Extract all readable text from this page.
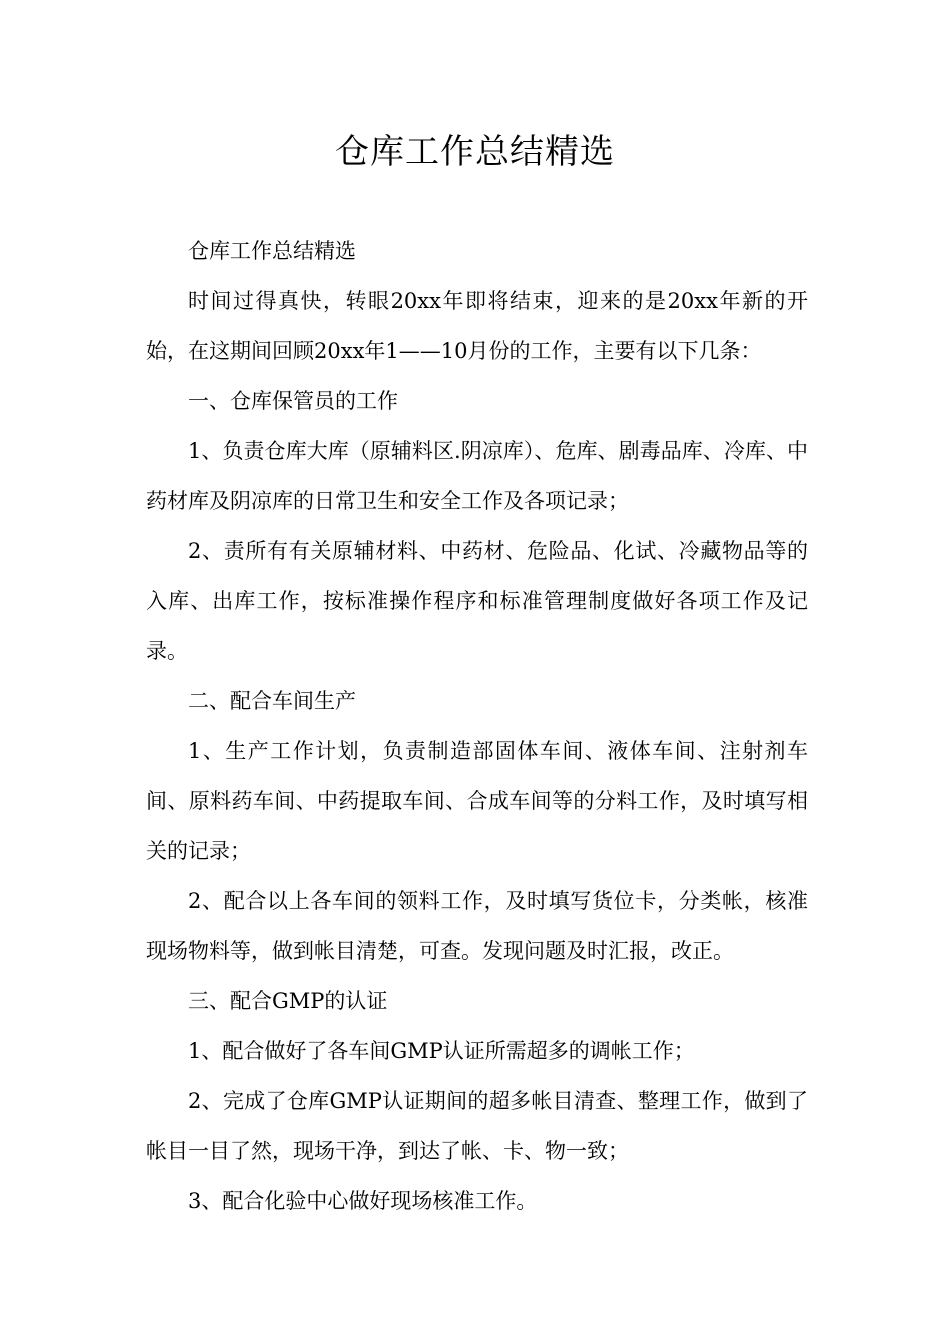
仓库工作总结精选

仓库工作总结精选

时间过得真快，转眼20xx年即将结束，迎来的是20xx年新的开始，在这期间回顾20xx年1——10月份的工作，主要有以下几条：

一、仓库保管员的工作

1、负责仓库大库（原辅料区.阴凉库）、危库、剧毒品库、冷库、中药材库及阴凉库的日常卫生和安全工作及各项记录；

2、责所有有关原辅材料、中药材、危险品、化试、冷藏物品等的入库、出库工作，按标准操作程序和标准管理制度做好各项工作及记录。

二、配合车间生产

1、生产工作计划，负责制造部固体车间、液体车间、注射剂车间、原料药车间、中药提取车间、合成车间等的分料工作，及时填写相关的记录；

2、配合以上各车间的领料工作，及时填写货位卡，分类帐，核准现场物料等，做到帐目清楚，可查。发现问题及时汇报，改正。

三、配合GMP的认证

1、配合做好了各车间GMP认证所需超多的调帐工作；

2、完成了仓库GMP认证期间的超多帐目清查、整理工作，做到了帐目一目了然，现场干净，到达了帐、卡、物一致；

3、配合化验中心做好现场核准工作。
